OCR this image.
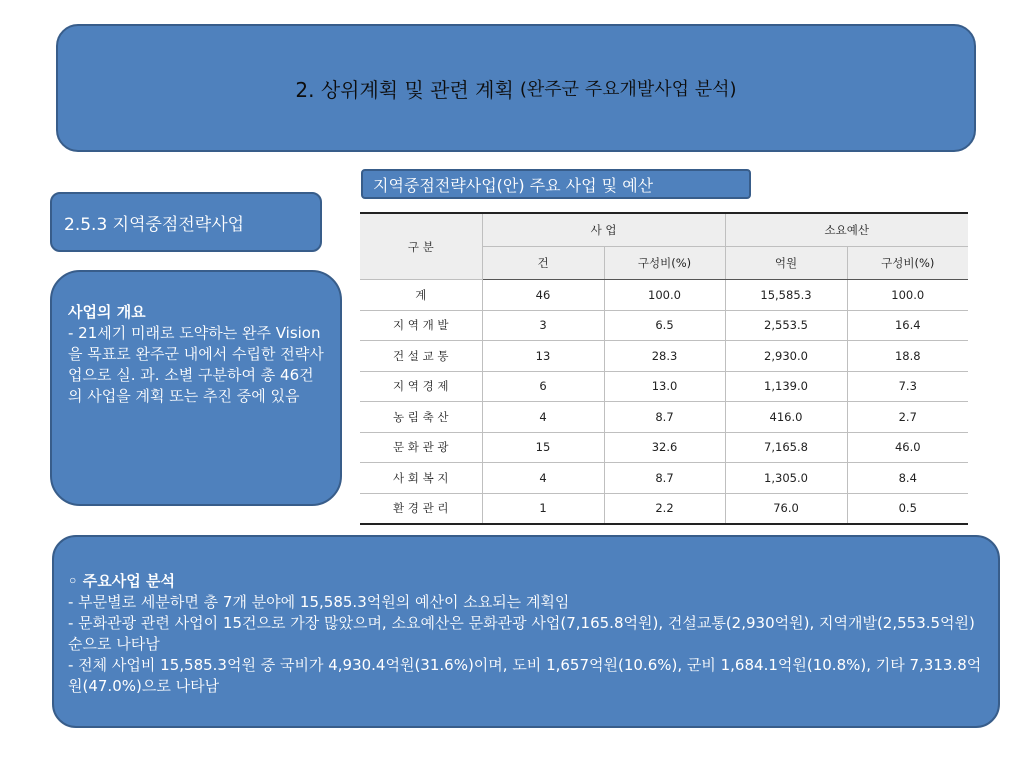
2. 상위계획 및 관련 계획 (완주군 주요개발사업 분석)
2.5.3 지역중점전략사업
지역중점전략사업(안) 주요 사업 및 예산
사업의 개요
- 21세기 미래로 도약하는 완주 Vision을 목표로 완주군 내에서 수립한 전략사업으로 실. 과. 소별 구분하여 총 46건의 사업을 계획 또는 추진 중에 있음
구 분	사 업		소요예산	
	건	구성비(%)	억원	구성비(%)
계	46	100.0	15,585.3	100.0
지 역 개 발	3	6.5	2,553.5	16.4
건 설 교 통	13	28.3	2,930.0	18.8
지 역 경 제	6	13.0	1,139.0	7.3
농 림 축 산	4	8.7	416.0	2.7
문 화 관 광	15	32.6	7,165.8	46.0
사 회 복 지	4	8.7	1,305.0	8.4
환 경 관 리	1	2.2	76.0	0.5
◦ 주요사업 분석
- 부문별로 세분하면 총 7개 분야에 15,585.3억원의 예산이 소요되는 계획임
- 문화관광 관련 사업이 15건으로 가장 많았으며, 소요예산은 문화관광 사업(7,165.8억원), 건설교통(2,930억원), 지역개발(2,553.5억원) 순으로 나타남
- 전체 사업비 15,585.3억원 중 국비가 4,930.4억원(31.6%)이며, 도비 1,657억원(10.6%), 군비 1,684.1억원(10.8%), 기타 7,313.8억원(47.0%)으로 나타남
